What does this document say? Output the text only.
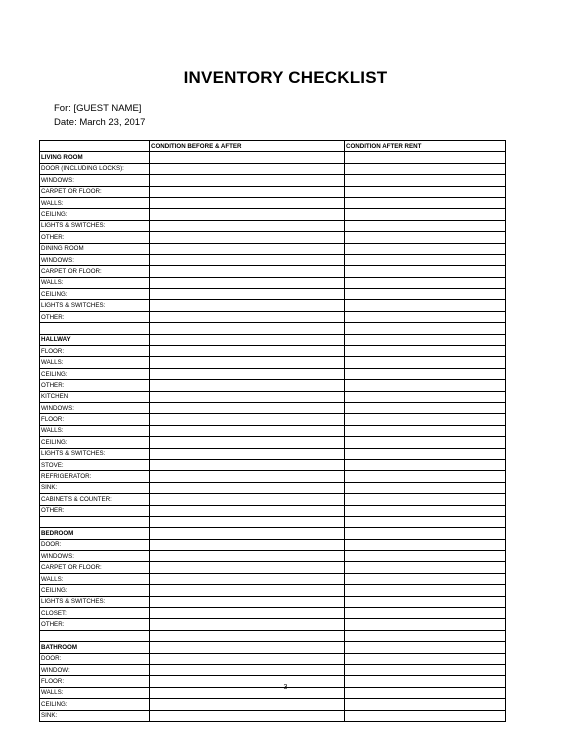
INVENTORY CHECKLIST
For: [GUEST NAME]
Date: March 23, 2017
	CONDITION BEFORE & AFTER	CONDITION AFTER RENT
LIVING ROOM		
DOOR (INCLUDING LOCKS):		
WINDOWS:		
CARPET OR FLOOR:		
WALLS:		
CEILING:		
LIGHTS & SWITCHES:		
OTHER:		
DINING ROOM		
WINDOWS:		
CARPET OR FLOOR:		
WALLS:		
CEILING:		
LIGHTS & SWITCHES:		
OTHER:		

HALLWAY		
FLOOR:		
WALLS:		
CEILING:		
OTHER:		
KITCHEN		
WINDOWS:		
FLOOR:		
WALLS:		
CEILING:		
LIGHTS & SWITCHES:		
STOVE:		
REFRIGERATOR:		
SINK:		
CABINETS & COUNTER:		
OTHER:		

BEDROOM		
DOOR:		
WINDOWS:		
CARPET OR FLOOR:		
WALLS:		
CEILING:		
LIGHTS & SWITCHES:		
CLOSET:		
OTHER:		

BATHROOM		
DOOR:		
WINDOW:		
FLOOR:		
WALLS:		
CEILING:		
SINK:		
3
